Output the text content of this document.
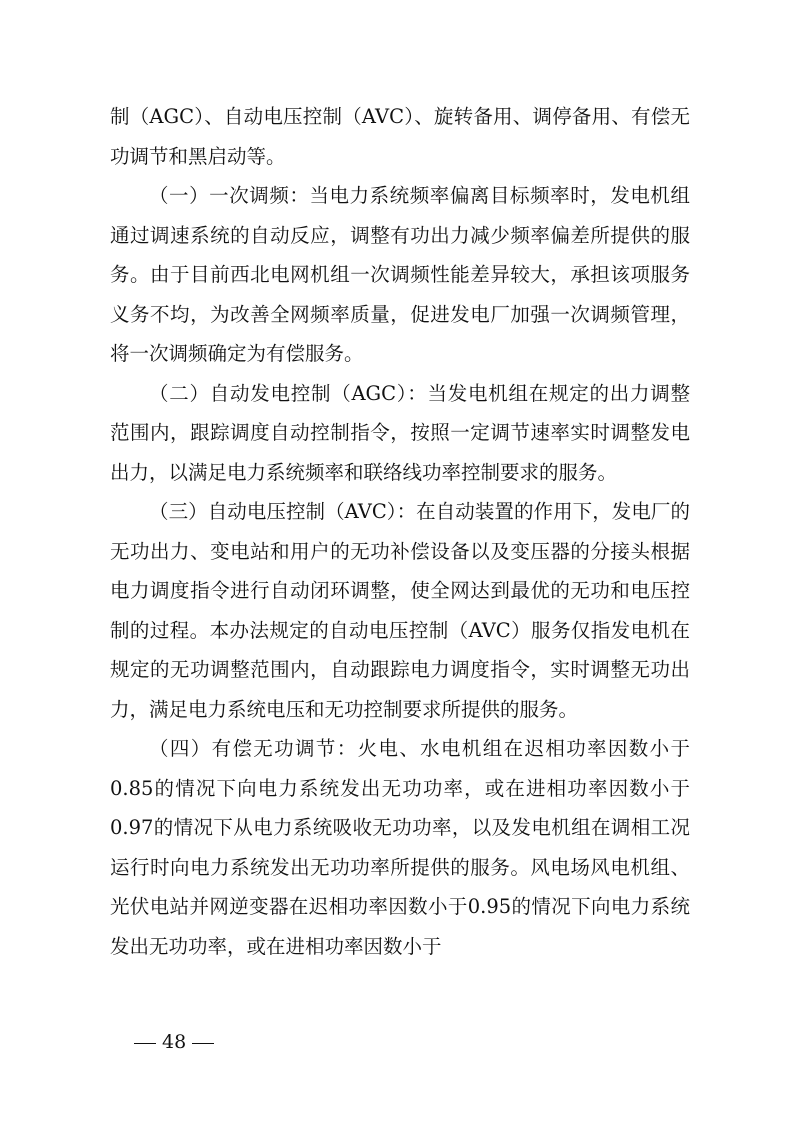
制（AGC）、自动电压控制（AVC）、旋转备用、调停备用、有偿无功调节和黑启动等。

（一）一次调频：当电力系统频率偏离目标频率时，发电机组通过调速系统的自动反应，调整有功出力减少频率偏差所提供的服务。由于目前西北电网机组一次调频性能差异较大，承担该项服务义务不均，为改善全网频率质量，促进发电厂加强一次调频管理，将一次调频确定为有偿服务。

（二）自动发电控制（AGC）：当发电机组在规定的出力调整范围内，跟踪调度自动控制指令，按照一定调节速率实时调整发电出力，以满足电力系统频率和联络线功率控制要求的服务。

（三）自动电压控制（AVC）：在自动装置的作用下，发电厂的无功出力、变电站和用户的无功补偿设备以及变压器的分接头根据电力调度指令进行自动闭环调整，使全网达到最优的无功和电压控制的过程。本办法规定的自动电压控制（AVC）服务仅指发电机在规定的无功调整范围内，自动跟踪电力调度指令，实时调整无功出力，满足电力系统电压和无功控制要求所提供的服务。

（四）有偿无功调节：火电、水电机组在迟相功率因数小于0.85的情况下向电力系统发出无功功率，或在进相功率因数小于0.97的情况下从电力系统吸收无功功率，以及发电机组在调相工况运行时向电力系统发出无功功率所提供的服务。风电场风电机组、光伏电站并网逆变器在迟相功率因数小于0.95的情况下向电力系统发出无功功率，或在进相功率因数小于

48
